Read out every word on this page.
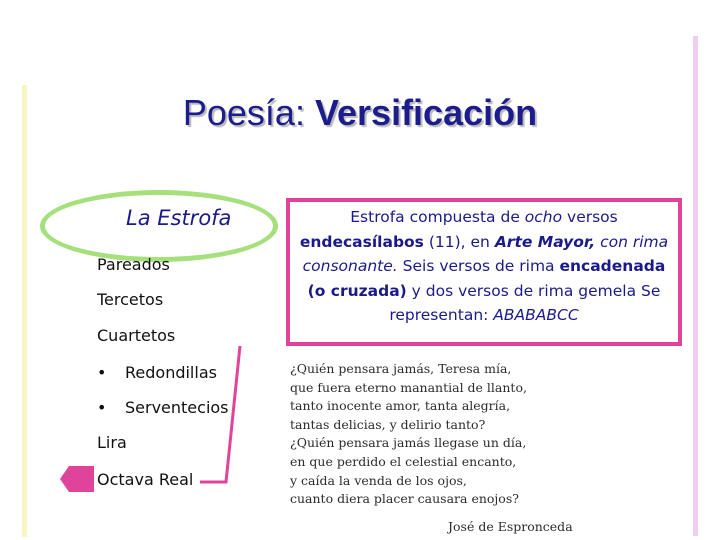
Poesía: Versificación
La Estrofa
Pareados
Tercetos
Cuartetos
• Redondillas
• Serventecios
Lira
Octava Real
Estrofa compuesta de ocho versos endecasílabos (11), en Arte Mayor, con rima consonante. Seis versos de rima encadenada (o cruzada) y dos versos de rima gemela Se representan: ABABABCC
¿Quién pensara jamás, Teresa mía,
que fuera eterno manantial de llanto,
tanto inocente amor, tanta alegría,
tantas delicias, y delirio tanto?
¿Quién pensara jamás llegase un día,
en que perdido el celestial encanto,
y caída la venda de los ojos,
cuanto diera placer causara enojos?
José de Espronceda
